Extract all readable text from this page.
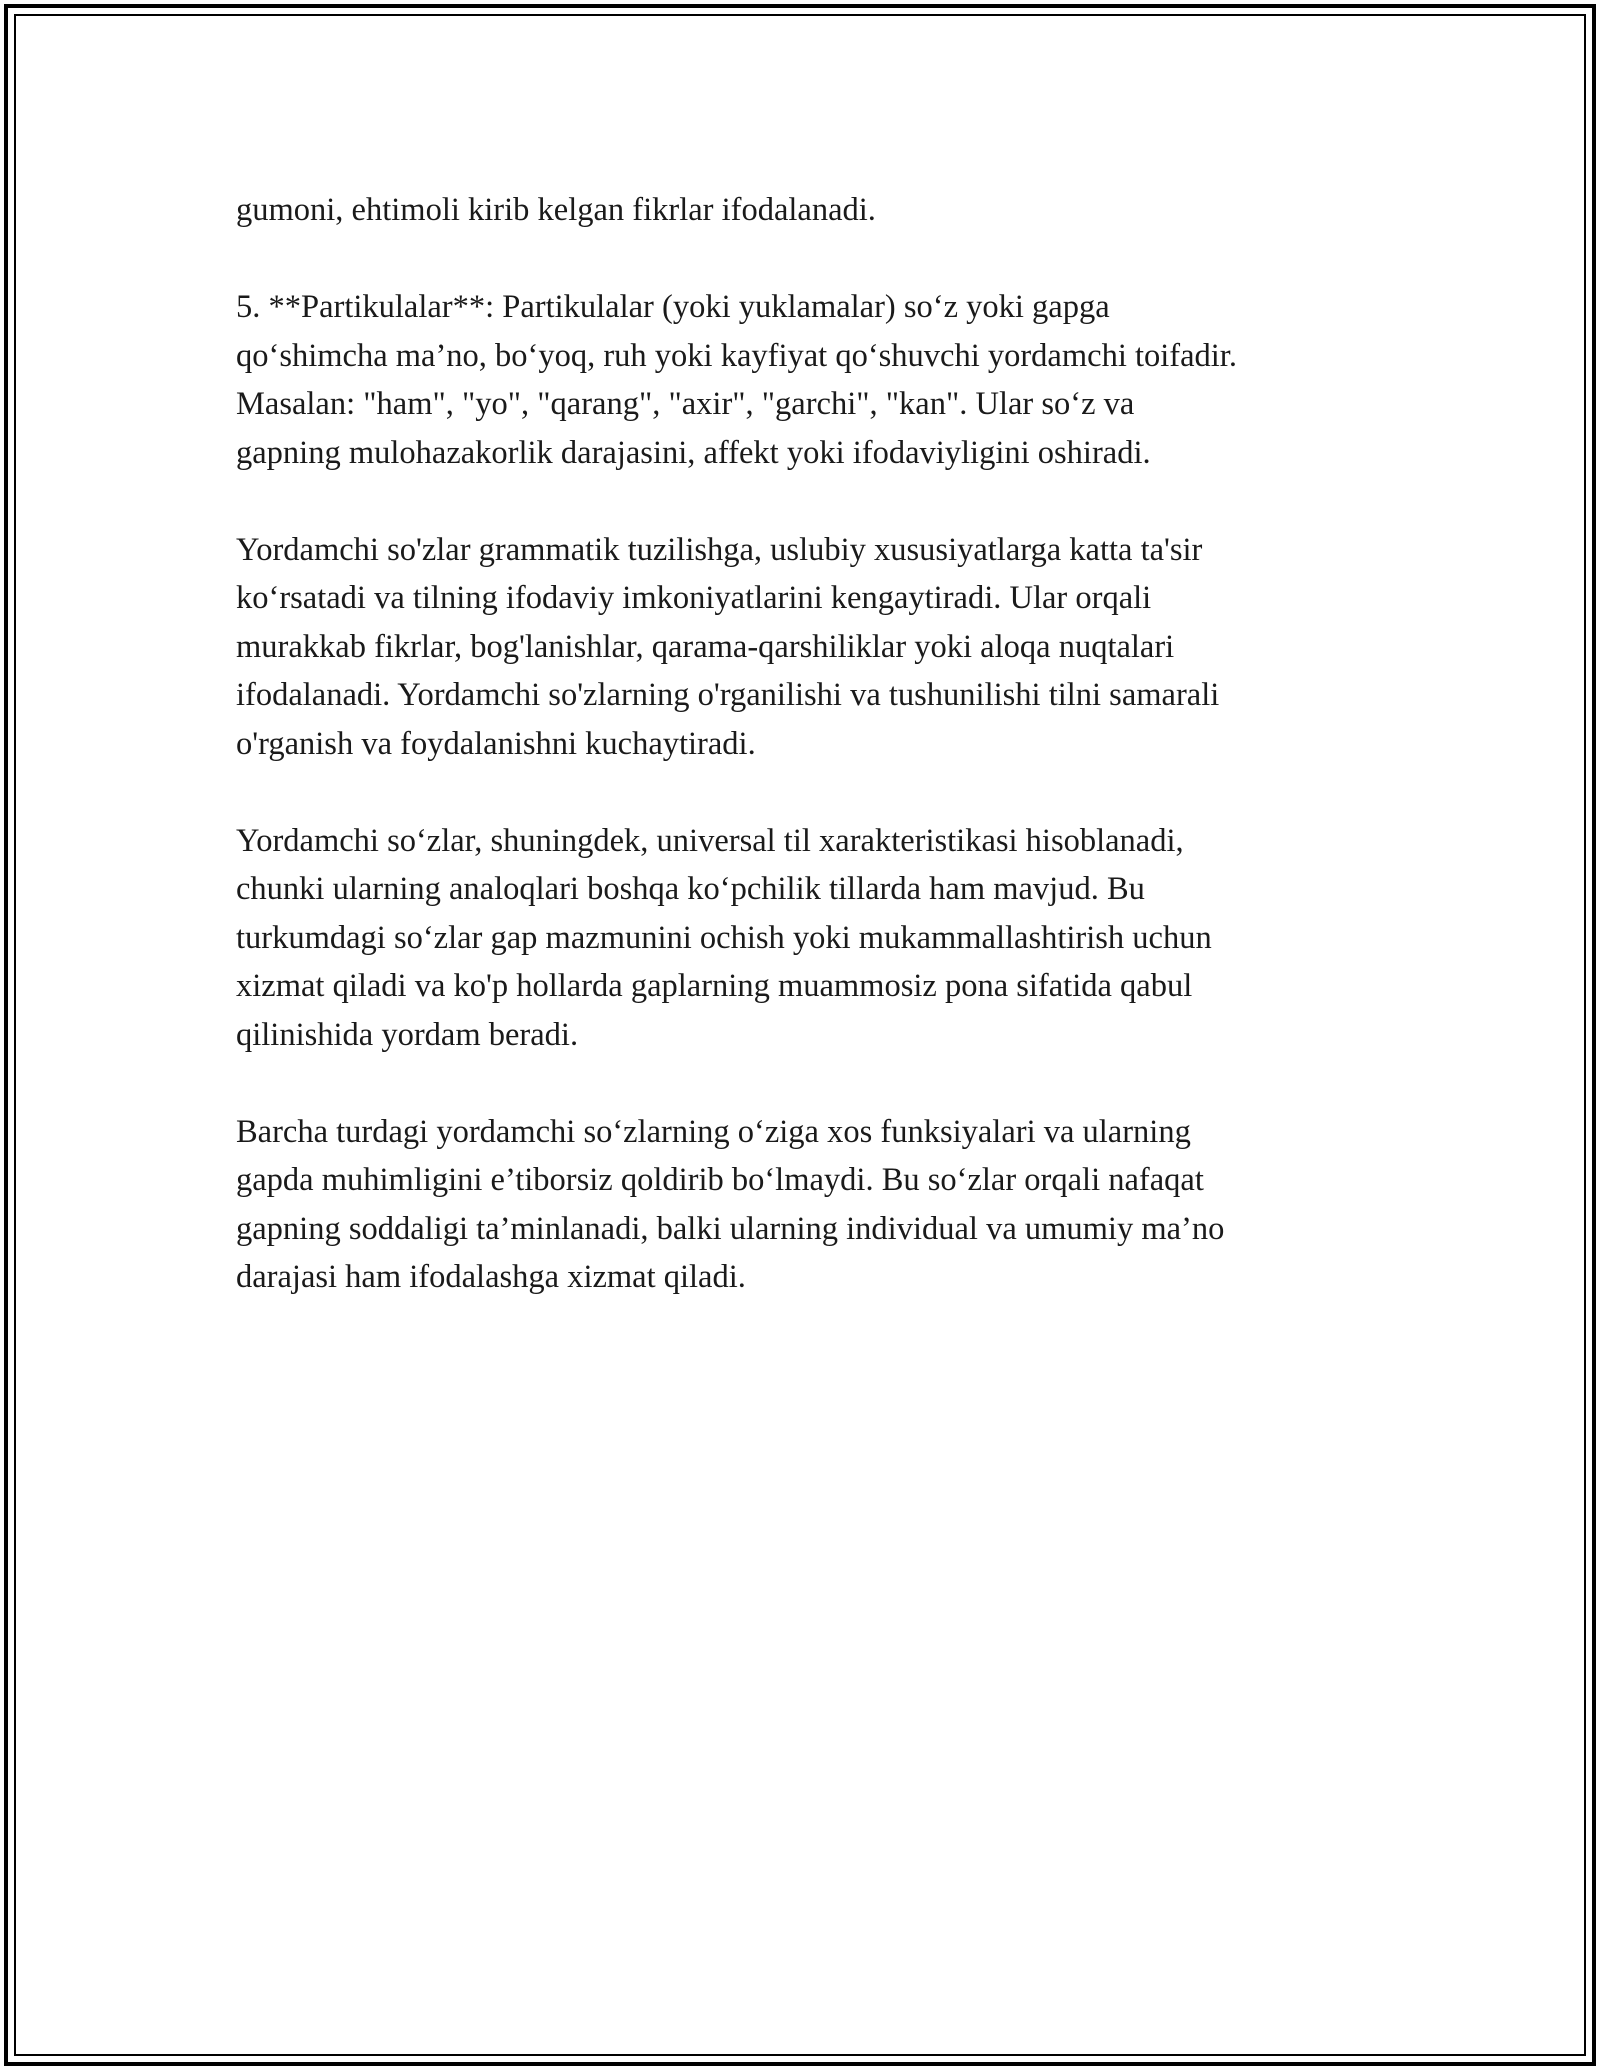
gumoni, ehtimoli kirib kelgan fikrlar ifodalanadi.

5. **Partikulalar**: Partikulalar (yoki yuklamalar) so‘z yoki gapga
qo‘shimcha ma’no, bo‘yoq, ruh yoki kayfiyat qo‘shuvchi yordamchi toifadir.
Masalan: "ham", "yo", "qarang", "axir", "garchi", "kan". Ular so‘z va
gapning mulohazakorlik darajasini, affekt yoki ifodaviyligini oshiradi.

Yordamchi so'zlar grammatik tuzilishga, uslubiy xususiyatlarga katta ta'sir
ko‘rsatadi va tilning ifodaviy imkoniyatlarini kengaytiradi. Ular orqali
murakkab fikrlar, bog'lanishlar, qarama-qarshiliklar yoki aloqa nuqtalari
ifodalanadi. Yordamchi so'zlarning o'rganilishi va tushunilishi tilni samarali
o'rganish va foydalanishni kuchaytiradi.

Yordamchi so‘zlar, shuningdek, universal til xarakteristikasi hisoblanadi,
chunki ularning analoqlari boshqa ko‘pchilik tillarda ham mavjud. Bu
turkumdagi so‘zlar gap mazmunini ochish yoki mukammallashtirish uchun
xizmat qiladi va ko'p hollarda gaplarning muammosiz pona sifatida qabul
qilinishida yordam beradi.

Barcha turdagi yordamchi so‘zlarning o‘ziga xos funksiyalari va ularning
gapda muhimligini e’tiborsiz qoldirib bo‘lmaydi. Bu so‘zlar orqali nafaqat
gapning soddaligi ta’minlanadi, balki ularning individual va umumiy ma’no
darajasi ham ifodalashga xizmat qiladi.
